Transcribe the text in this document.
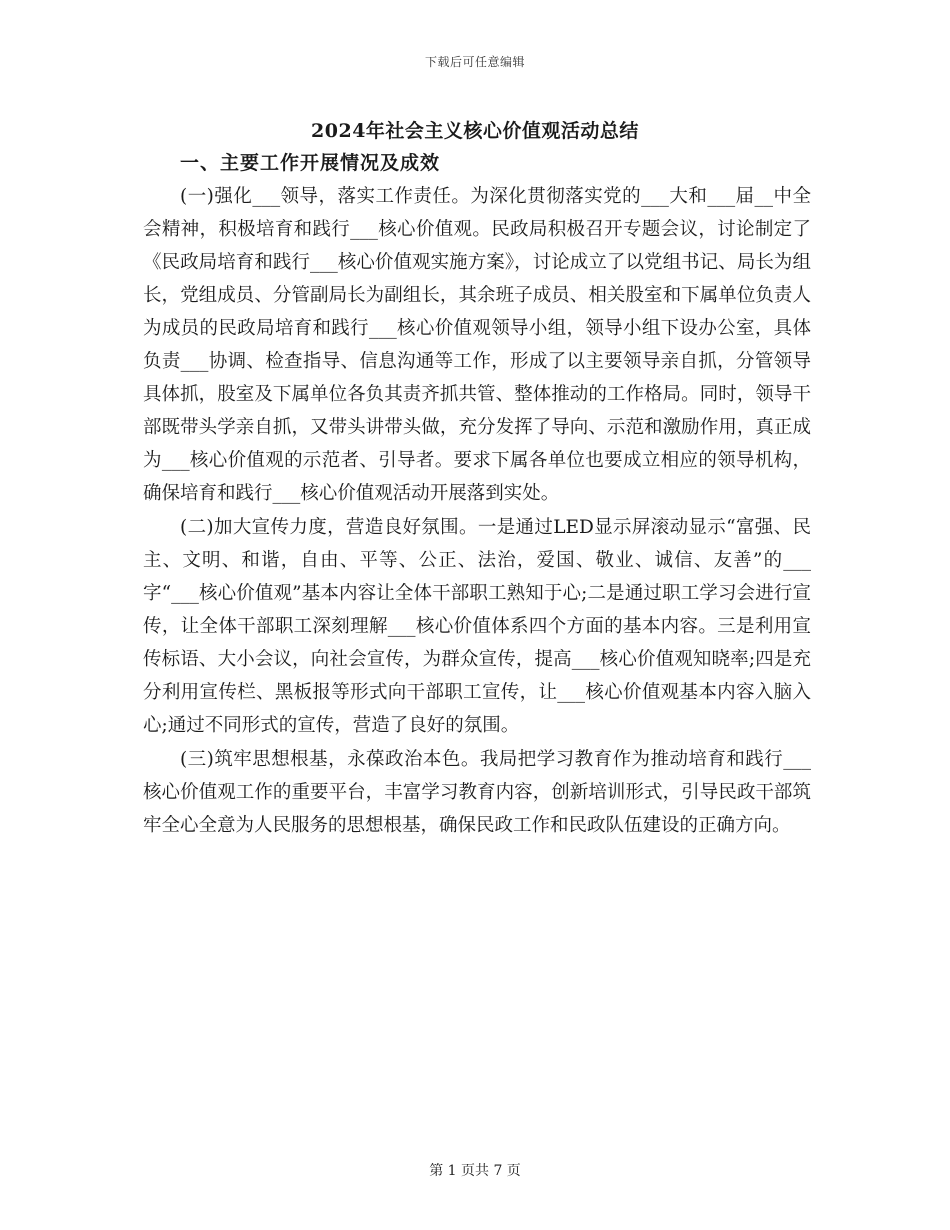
下载后可任意编辑
2024年社会主义核心价值观活动总结
一、主要工作开展情况及成效

(一)强化___领导，落实工作责任。为深化贯彻落实党的___大和___届__中全会精神，积极培育和践行___核心价值观。民政局积极召开专题会议，讨论制定了《民政局培育和践行___核心价值观实施方案》，讨论成立了以党组书记、局长为组长，党组成员、分管副局长为副组长，其余班子成员、相关股室和下属单位负责人为成员的民政局培育和践行___核心价值观领导小组，领导小组下设办公室，具体负责___协调、检查指导、信息沟通等工作，形成了以主要领导亲自抓，分管领导具体抓，股室及下属单位各负其责齐抓共管、整体推动的工作格局。同时，领导干部既带头学亲自抓，又带头讲带头做，充分发挥了导向、示范和激励作用，真正成为___核心价值观的示范者、引导者。要求下属各单位也要成立相应的领导机构，确保培育和践行___核心价值观活动开展落到实处。

(二)加大宣传力度，营造良好氛围。一是通过LED显示屏滚动显示“富强、民主、文明、和谐，自由、平等、公正、法治，爱国、敬业、诚信、友善”的___字“___核心价值观”基本内容让全体干部职工熟知于心;二是通过职工学习会进行宣传，让全体干部职工深刻理解___核心价值体系四个方面的基本内容。三是利用宣传标语、大小会议，向社会宣传，为群众宣传，提高___核心价值观知晓率;四是充分利用宣传栏、黑板报等形式向干部职工宣传，让___核心价值观基本内容入脑入心;通过不同形式的宣传，营造了良好的氛围。

(三)筑牢思想根基，永葆政治本色。我局把学习教育作为推动培育和践行___核心价值观工作的重要平台，丰富学习教育内容，创新培训形式，引导民政干部筑牢全心全意为人民服务的思想根基，确保民政工作和民政队伍建设的正确方向。

第 1 页共 7 页
